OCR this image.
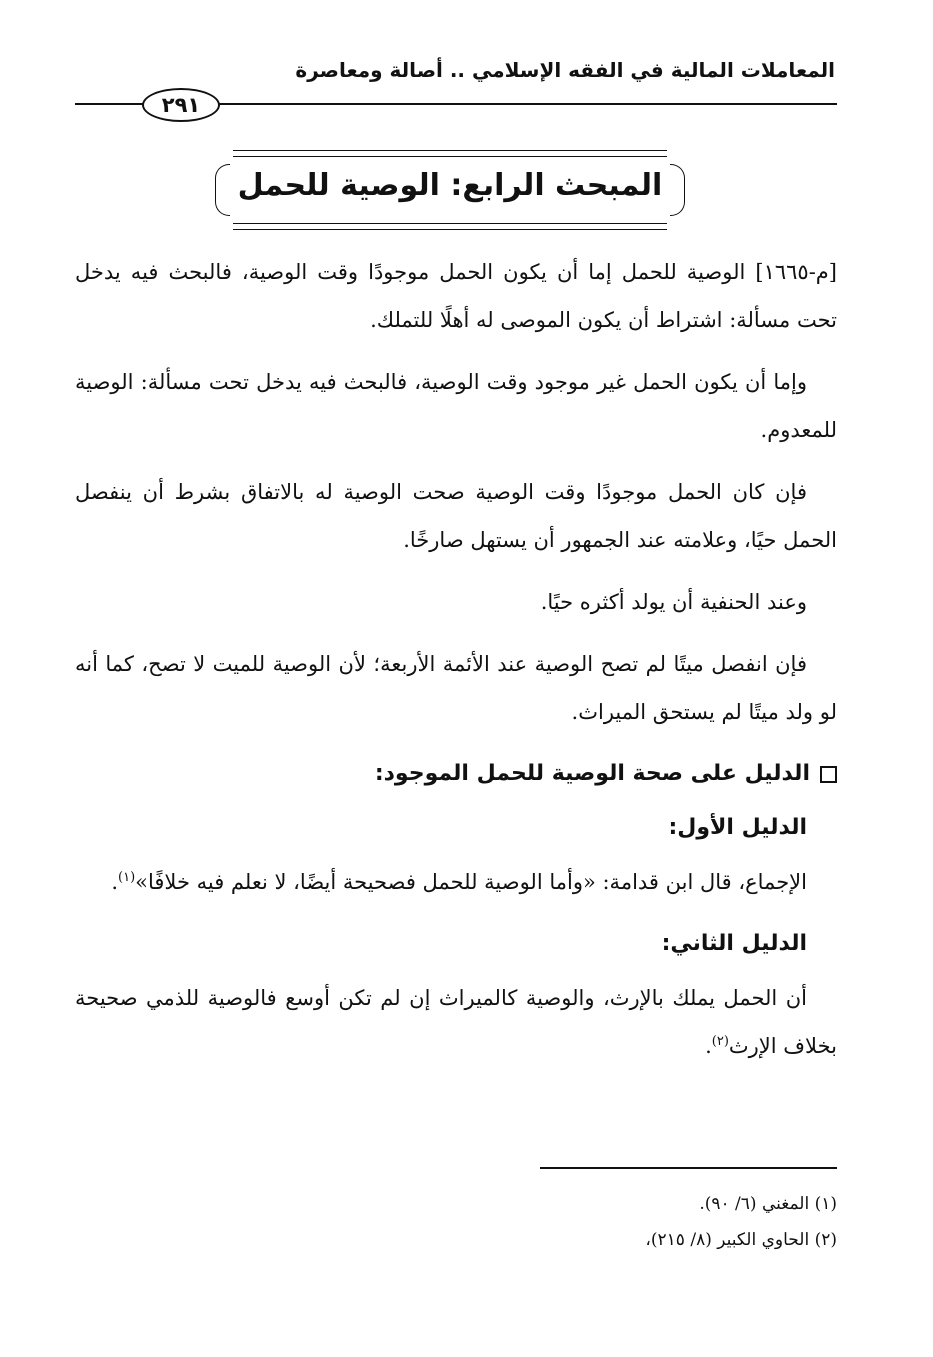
المعاملات المالية في الفقه الإسلامي .. أصالة ومعاصرة
٢٩١
المبحث الرابع: الوصية للحمل

[م-١٦٦٥] الوصية للحمل إما أن يكون الحمل موجودًا وقت الوصية، فالبحث فيه يدخل تحت مسألة: اشتراط أن يكون الموصى له أهلًا للتملك.

وإما أن يكون الحمل غير موجود وقت الوصية، فالبحث فيه يدخل تحت مسألة: الوصية للمعدوم.

فإن كان الحمل موجودًا وقت الوصية صحت الوصية له بالاتفاق بشرط أن ينفصل الحمل حيًا، وعلامته عند الجمهور أن يستهل صارخًا.

وعند الحنفية أن يولد أكثره حيًا.

فإن انفصل ميتًا لم تصح الوصية عند الأئمة الأربعة؛ لأن الوصية للميت لا تصح، كما أنه لو ولد ميتًا لم يستحق الميراث.

الدليل على صحة الوصية للحمل الموجود:
الدليل الأول:

الإجماع، قال ابن قدامة: «وأما الوصية للحمل فصحيحة أيضًا، لا نعلم فيه خلافًا»$^{(١)}$.

الدليل الثاني:

أن الحمل يملك بالإرث، والوصية كالميراث إن لم تكن أوسع فالوصية للذمي صحيحة بخلاف الإرث$^{(٢)}$.

(١) المغني (٦/ ٩٠).
(٢) الحاوي الكبير (٨/ ٢١٥)،
